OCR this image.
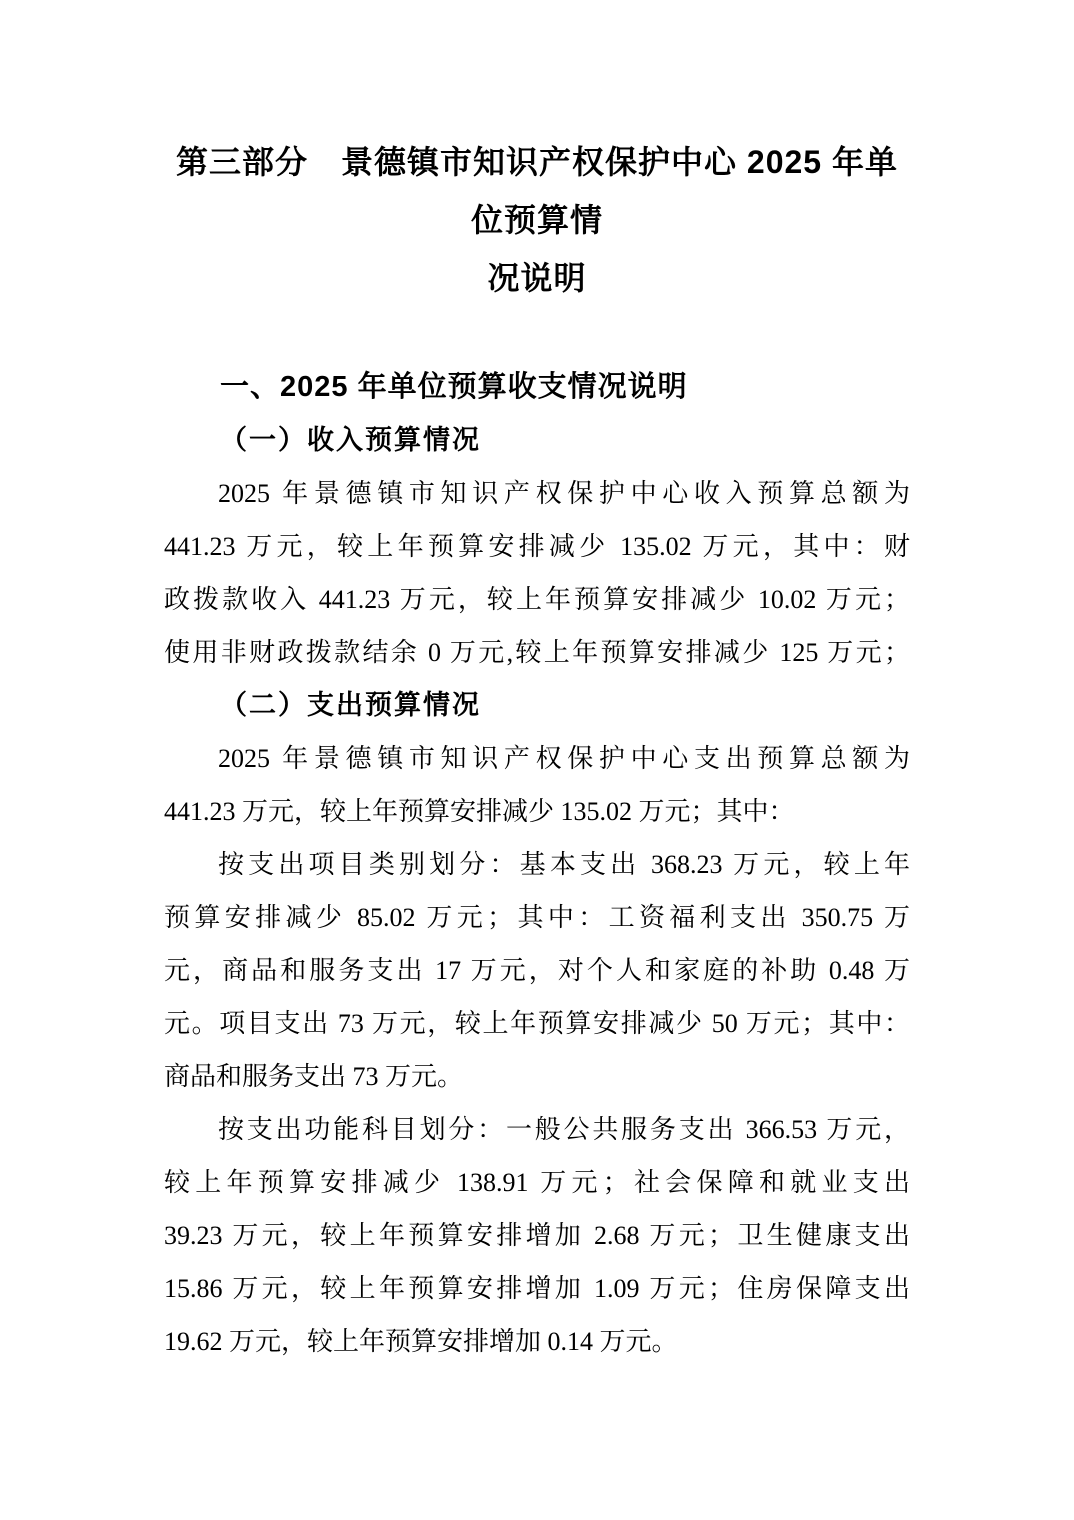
第三部分　景德镇市知识产权保护中心 2025 年单位预算情
况说明
一、2025 年单位预算收支情况说明
（一）收入预算情况
2025 年景德镇市知识产权保护中心收入预算总额为
441.23 万元，较上年预算安排减少 135.02 万元，其中：财
政拨款收入 441.23 万元，较上年预算安排减少 10.02 万元；
使用非财政拨款结余 0 万元,较上年预算安排减少 125 万元；
（二）支出预算情况
2025 年景德镇市知识产权保护中心支出预算总额为
441.23 万元，较上年预算安排减少 135.02 万元；其中：
按支出项目类别划分：基本支出 368.23 万元，较上年
预算安排减少 85.02 万元；其中：工资福利支出 350.75 万
元，商品和服务支出 17 万元，对个人和家庭的补助 0.48 万
元。项目支出 73 万元，较上年预算安排减少 50 万元；其中：
商品和服务支出 73 万元。
按支出功能科目划分：一般公共服务支出 366.53 万元，
较上年预算安排减少 138.91 万元；社会保障和就业支出
39.23 万元，较上年预算安排增加 2.68 万元；卫生健康支出
15.86 万元，较上年预算安排增加 1.09 万元；住房保障支出
19.62 万元，较上年预算安排增加 0.14 万元。
